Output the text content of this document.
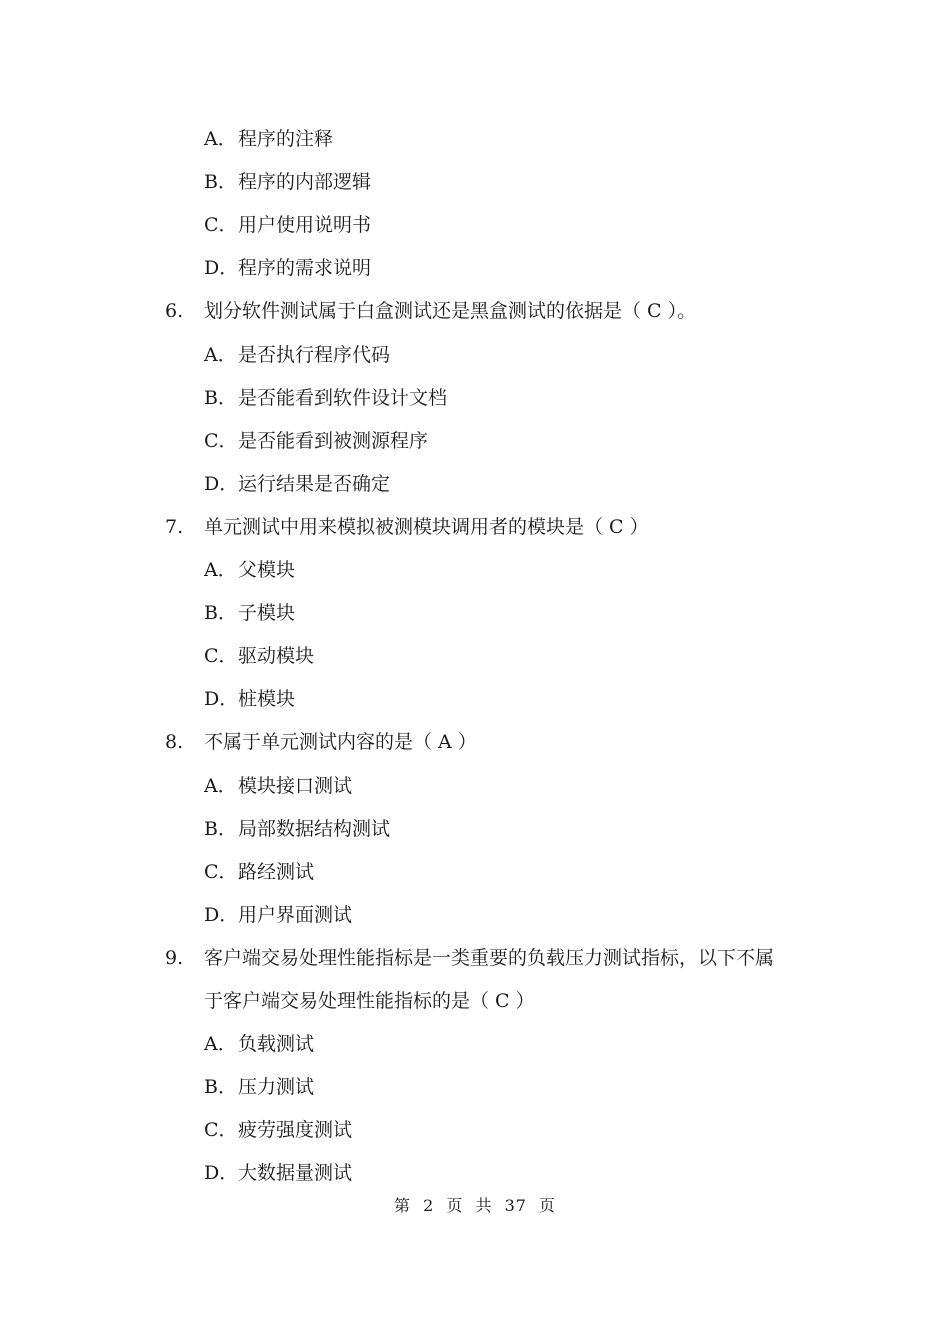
A．程序的注释
B．程序的内部逻辑
C．用户使用说明书
D．程序的需求说明
6. 划分软件测试属于白盒测试还是黑盒测试的依据是（ C ）。
A．是否执行程序代码
B．是否能看到软件设计文档
C．是否能看到被测源程序
D．运行结果是否确定
7. 单元测试中用来模拟被测模块调用者的模块是（ C ）
A．父模块
B．子模块
C．驱动模块
D．桩模块
8. 不属于单元测试内容的是（ A ）
A．模块接口测试
B．局部数据结构测试
C．路经测试
D．用户界面测试
9. 客户端交易处理性能指标是一类重要的负载压力测试指标，以下不属
于客户端交易处理性能指标的是（ C ）
A．负载测试
B．压力测试
C．疲劳强度测试
D．大数据量测试
第 2 页 共 37 页
